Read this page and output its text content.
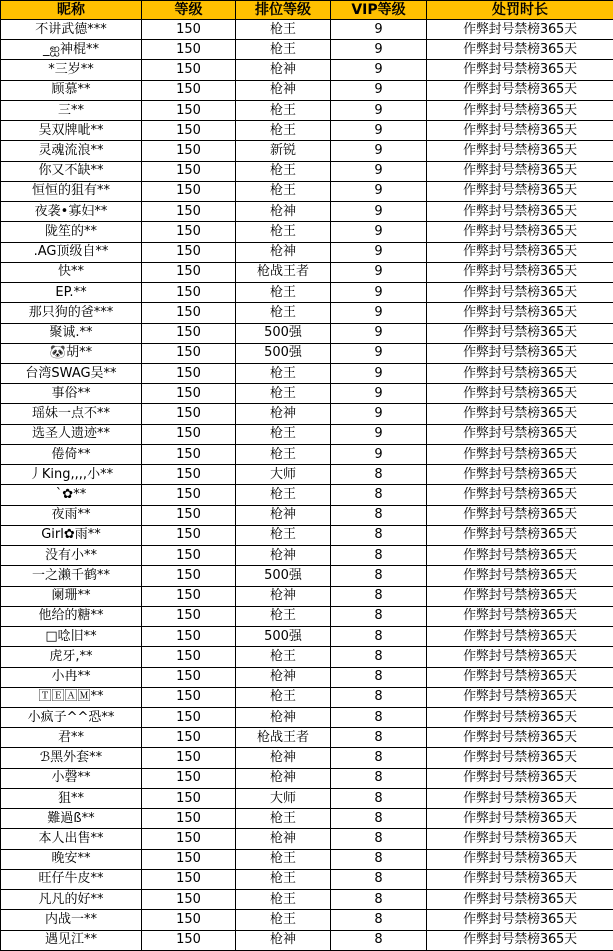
昵称	等级	排位等级	VIP等级	处罚时长
不讲武德***	150	枪王	9	作弊封号禁榜365天
_ஐ神棍**	150	枪王	9	作弊封号禁榜365天
*三岁**	150	枪神	9	作弊封号禁榜365天
顾慕**	150	枪神	9	作弊封号禁榜365天
三**	150	枪王	9	作弊封号禁榜365天
吴双牌呲**	150	枪王	9	作弊封号禁榜365天
灵魂流浪**	150	新锐	9	作弊封号禁榜365天
你又不缺**	150	枪王	9	作弊封号禁榜365天
恒恒的狙有**	150	枪王	9	作弊封号禁榜365天
夜袭•寡妇**	150	枪神	9	作弊封号禁榜365天
陇笙的**	150	枪王	9	作弊封号禁榜365天
.AG顶级自**	150	枪神	9	作弊封号禁榜365天
快**	150	枪战王者	9	作弊封号禁榜365天
EP.**	150	枪王	9	作弊封号禁榜365天
那只狗的爸***	150	枪王	9	作弊封号禁榜365天
聚诚.**	150	500强	9	作弊封号禁榜365天
🐼胡**	150	500强	9	作弊封号禁榜365天
台湾SWAG吴**	150	枪王	9	作弊封号禁榜365天
事俗**	150	枪王	9	作弊封号禁榜365天
瑶妹一点不**	150	枪神	9	作弊封号禁榜365天
选圣人遗迹**	150	枪王	9	作弊封号禁榜365天
倦倚**	150	枪王	9	作弊封号禁榜365天
丿King,,,,小**	150	大师	8	作弊封号禁榜365天
`✿**	150	枪王	8	作弊封号禁榜365天
夜雨**	150	枪神	8	作弊封号禁榜365天
Girl✿雨**	150	枪王	8	作弊封号禁榜365天
没有小**	150	枪神	8	作弊封号禁榜365天
一之濑千鹤**	150	500强	8	作弊封号禁榜365天
阑珊**	150	枪神	8	作弊封号禁榜365天
他给的糖**	150	枪王	8	作弊封号禁榜365天
□唸旧**	150	500强	8	作弊封号禁榜365天
虎牙,**	150	枪王	8	作弊封号禁榜365天
小冉**	150	枪神	8	作弊封号禁榜365天
🅃🄴🄰🄼**	150	枪王	8	作弊封号禁榜365天
小疯子^^恐**	150	枪神	8	作弊封号禁榜365天
君**	150	枪战王者	8	作弊封号禁榜365天
ℬ黑外套**	150	枪神	8	作弊封号禁榜365天
小磬**	150	枪神	8	作弊封号禁榜365天
狙**	150	大师	8	作弊封号禁榜365天
難過ß**	150	枪王	8	作弊封号禁榜365天
本人出售**	150	枪神	8	作弊封号禁榜365天
晚安**	150	枪王	8	作弊封号禁榜365天
旺仔牛皮**	150	枪王	8	作弊封号禁榜365天
凡凡的好**	150	枪王	8	作弊封号禁榜365天
内战一**	150	枪王	8	作弊封号禁榜365天
遇见江**	150	枪神	8	作弊封号禁榜365天
